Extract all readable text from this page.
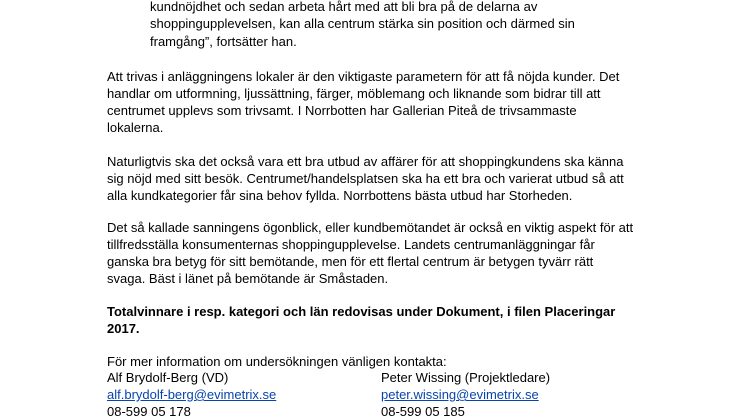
kundnöjdhet och sedan arbeta hårt med att bli bra på de delarna av
shoppingupplevelsen, kan alla centrum stärka sin position och därmed sin
framgång”, fortsätter han.
Att trivas i anläggningens lokaler är den viktigaste parametern för att få nöjda kunder. Det
handlar om utformning, ljussättning, färger, möblemang och liknande som bidrar till att
centrumet upplevs som trivsamt. I Norrbotten har Gallerian Piteå de trivsammaste
lokalerna.
Naturligtvis ska det också vara ett bra utbud av affärer för att shoppingkundens ska känna
sig nöjd med sitt besök. Centrumet/handelsplatsen ska ha ett bra och varierat utbud så att
alla kundkategorier får sina behov fyllda. Norrbottens bästa utbud har Storheden.
Det så kallade sanningens ögonblick, eller kundbemötandet är också en viktig aspekt för att
tillfredsställa konsumenternas shoppingupplevelse. Landets centrumanläggningar får
ganska bra betyg för sitt bemötande, men för ett flertal centrum är betygen tyvärr rätt
svaga. Bäst i länet på bemötande är Småstaden.
Totalvinnare i resp. kategori och län redovisas under Dokument, i filen Placeringar
2017.
För mer information om undersökningen vänligen kontakta:
Alf Brydolf-Berg (VD)
alf.brydolf-berg@evimetrix.se
08-599 05 178
Peter Wissing (Projektledare)
peter.wissing@evimetrix.se
08-599 05 185
